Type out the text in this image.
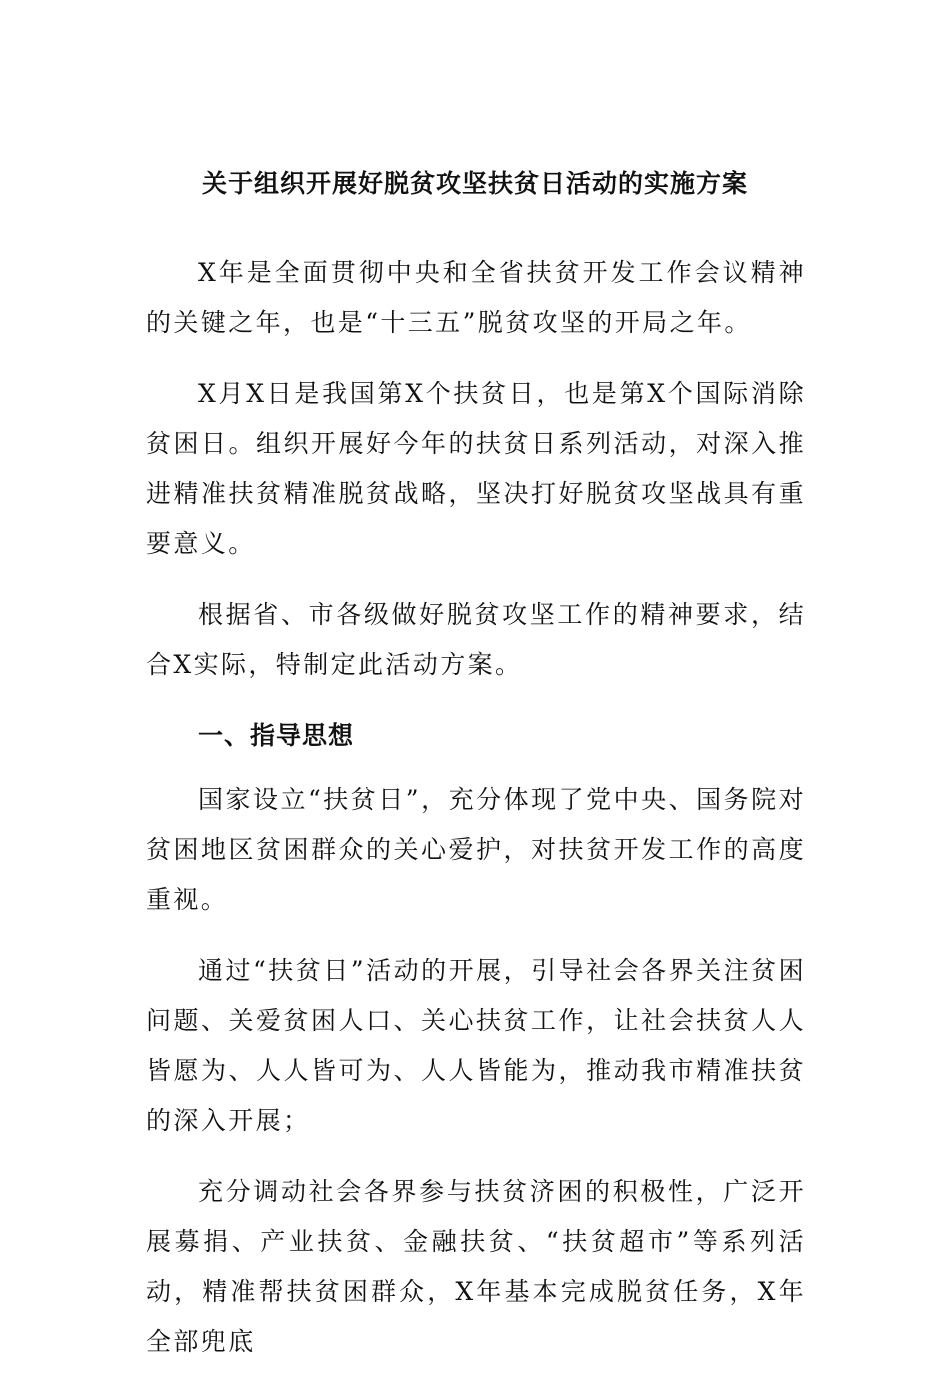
关于组织开展好脱贫攻坚扶贫日活动的实施方案

X年是全面贯彻中央和全省扶贫开发工作会议精神的关键之年，也是“十三五”脱贫攻坚的开局之年。

X月X日是我国第X个扶贫日，也是第X个国际消除贫困日。组织开展好今年的扶贫日系列活动，对深入推进精准扶贫精准脱贫战略，坚决打好脱贫攻坚战具有重要意义。

根据省、市各级做好脱贫攻坚工作的精神要求，结合X实际，特制定此活动方案。

一、指导思想

国家设立“扶贫日”，充分体现了党中央、国务院对贫困地区贫困群众的关心爱护，对扶贫开发工作的高度重视。

通过“扶贫日”活动的开展，引导社会各界关注贫困问题、关爱贫困人口、关心扶贫工作，让社会扶贫人人皆愿为、人人皆可为、人人皆能为，推动我市精准扶贫的深入开展；

充分调动社会各界参与扶贫济困的积极性，广泛开展募捐、产业扶贫、金融扶贫、“扶贫超市”等系列活动，精准帮扶贫困群众，X年基本完成脱贫任务，X年全部兜底
